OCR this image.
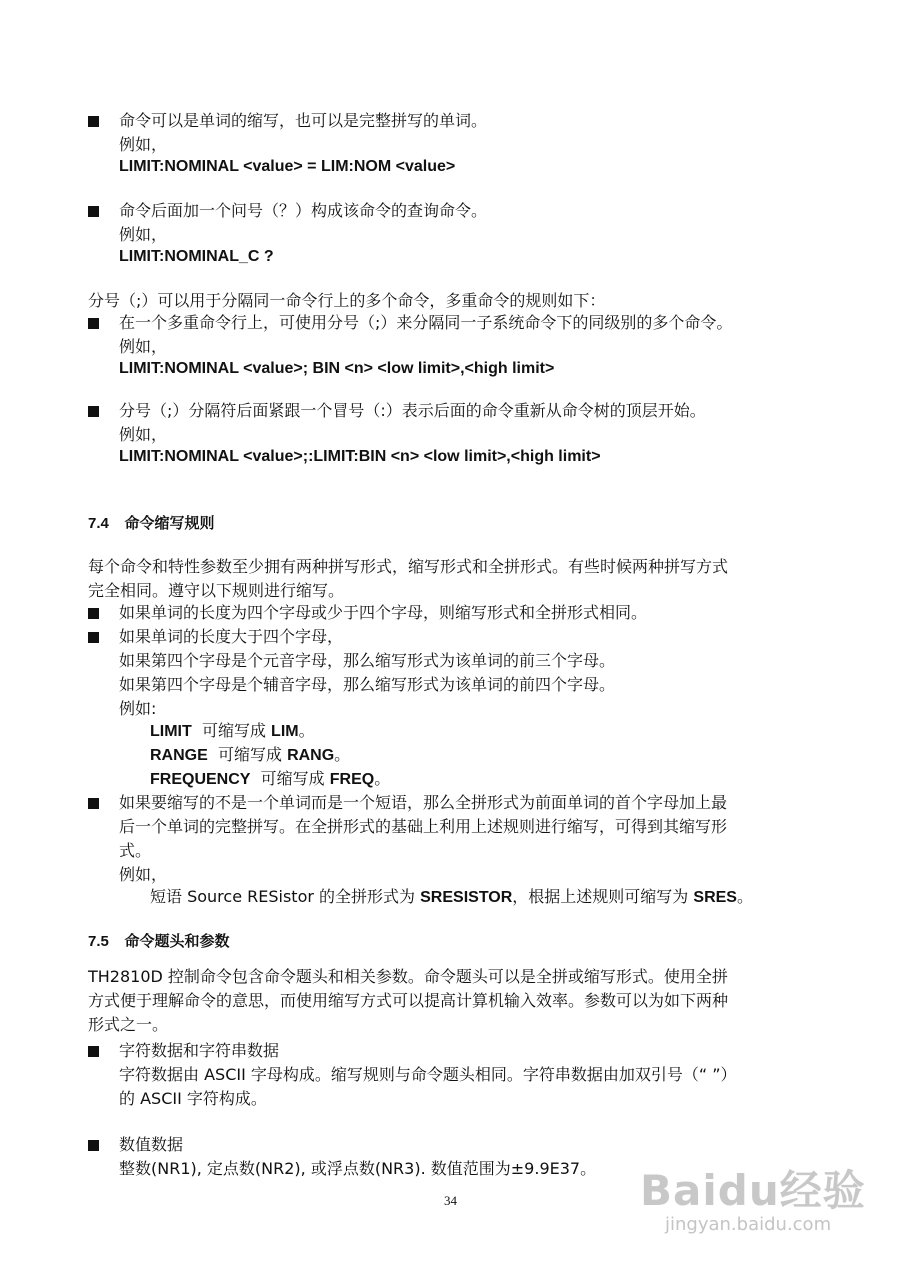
命令可以是单词的缩写，也可以是完整拼写的单词。
例如，
LIMIT:NOMINAL <value> = LIM:NOM <value>
命令后面加一个问号（？）构成该命令的查询命令。
例如，
LIMIT:NOMINAL_C ?
分号（;）可以用于分隔同一命令行上的多个命令，多重命令的规则如下：
在一个多重命令行上，可使用分号（;）来分隔同一子系统命令下的同级别的多个命令。
例如，
LIMIT:NOMINAL <value>; BIN <n> <low limit>,<high limit>
分号（;）分隔符后面紧跟一个冒号（:）表示后面的命令重新从命令树的顶层开始。
例如，
LIMIT:NOMINAL <value>;:LIMIT:BIN <n> <low limit>,<high limit>
7.4 命令缩写规则
每个命令和特性参数至少拥有两种拼写形式，缩写形式和全拼形式。有些时候两种拼写方式
完全相同。遵守以下规则进行缩写。
如果单词的长度为四个字母或少于四个字母，则缩写形式和全拼形式相同。
如果单词的长度大于四个字母，
如果第四个字母是个元音字母，那么缩写形式为该单词的前三个字母。
如果第四个字母是个辅音字母，那么缩写形式为该单词的前四个字母。
例如:
LIMIT 可缩写成 LIM。
RANGE 可缩写成 RANG。
FREQUENCY 可缩写成 FREQ。
如果要缩写的不是一个单词而是一个短语，那么全拼形式为前面单词的首个字母加上最
后一个单词的完整拼写。在全拼形式的基础上利用上述规则进行缩写，可得到其缩写形
式。
例如，
短语 Source RESistor 的全拼形式为 SRESISTOR，根据上述规则可缩写为 SRES。
7.5 命令题头和参数
TH2810D 控制命令包含命令题头和相关参数。命令题头可以是全拼或缩写形式。使用全拼
方式便于理解命令的意思，而使用缩写方式可以提高计算机输入效率。参数可以为如下两种
形式之一。
字符数据和字符串数据
字符数据由 ASCII 字母构成。缩写规则与命令题头相同。字符串数据由加双引号（“ ”）
的 ASCII 字符构成。
数值数据
整数(NR1), 定点数(NR2), 或浮点数(NR3). 数值范围为±9.9E37。
34	Baidu经验
jingyan.baidu.com
